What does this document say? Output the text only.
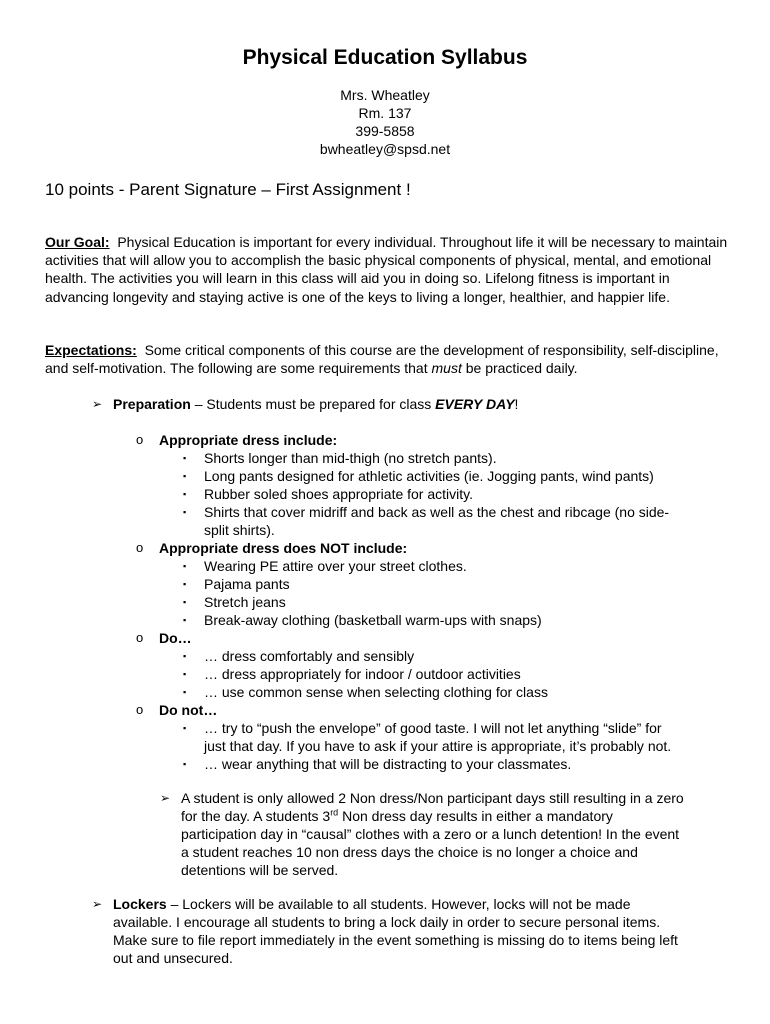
Physical Education Syllabus
Mrs. Wheatley
Rm. 137
399-5858
bwheatley@spsd.net
10 points - Parent Signature – First Assignment !
Our Goal: Physical Education is important for every individual. Throughout life it will be necessary to maintain activities that will allow you to accomplish the basic physical components of physical, mental, and emotional health. The activities you will learn in this class will aid you in doing so. Lifelong fitness is important in advancing longevity and staying active is one of the keys to living a longer, healthier, and happier life.
Expectations: Some critical components of this course are the development of responsibility, self-discipline, and self-motivation. The following are some requirements that must be practiced daily.
➢ Preparation – Students must be prepared for class EVERY DAY!
o Appropriate dress include:
▪ Shorts longer than mid-thigh (no stretch pants).
▪ Long pants designed for athletic activities (ie. Jogging pants, wind pants)
▪ Rubber soled shoes appropriate for activity.
▪ Shirts that cover midriff and back as well as the chest and ribcage (no side-
split shirts).
o Appropriate dress does NOT include:
▪ Wearing PE attire over your street clothes.
▪ Pajama pants
▪ Stretch jeans
▪ Break-away clothing (basketball warm-ups with snaps)
o Do…
▪ … dress comfortably and sensibly
▪ … dress appropriately for indoor / outdoor activities
▪ … use common sense when selecting clothing for class
o Do not…
▪ … try to “push the envelope” of good taste. I will not let anything “slide” for
just that day. If you have to ask if your attire is appropriate, it’s probably not.
▪ … wear anything that will be distracting to your classmates.
➢ A student is only allowed 2 Non dress/Non participant days still resulting in a zero
for the day. A students 3rd Non dress day results in either a mandatory
participation day in “causal” clothes with a zero or a lunch detention! In the event
a student reaches 10 non dress days the choice is no longer a choice and
detentions will be served.
➢ Lockers – Lockers will be available to all students. However, locks will not be made
available. I encourage all students to bring a lock daily in order to secure personal items.
Make sure to file report immediately in the event something is missing do to items being left
out and unsecured.
